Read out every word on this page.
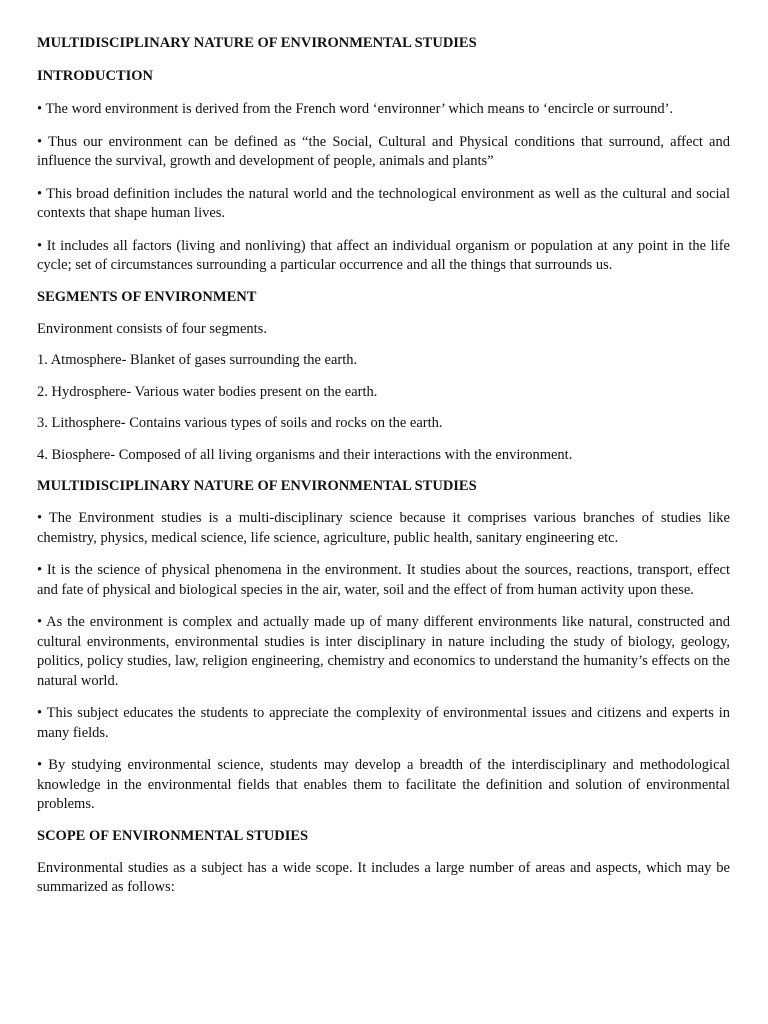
MULTIDISCIPLINARY NATURE OF ENVIRONMENTAL STUDIES
INTRODUCTION

• The word environment is derived from the French word ‘environner’ which means to ‘encircle or surround’.

• Thus our environment can be defined as “the Social, Cultural and Physical conditions that surround, affect and influence the survival, growth and development of people, animals and plants”

• This broad definition includes the natural world and the technological environment as well as the cultural and social contexts that shape human lives.

• It includes all factors (living and nonliving) that affect an individual organism or population at any point in the life cycle; set of circumstances surrounding a particular occurrence and all the things that surrounds us.

SEGMENTS OF ENVIRONMENT

Environment consists of four segments.

1. Atmosphere- Blanket of gases surrounding the earth.

2. Hydrosphere- Various water bodies present on the earth.

3. Lithosphere- Contains various types of soils and rocks on the earth.

4. Biosphere- Composed of all living organisms and their interactions with the environment.

MULTIDISCIPLINARY NATURE OF ENVIRONMENTAL STUDIES

• The Environment studies is a multi-disciplinary science because it comprises various branches of studies like chemistry, physics, medical science, life science, agriculture, public health, sanitary engineering etc.

• It is the science of physical phenomena in the environment. It studies about the sources, reactions, transport, effect and fate of physical and biological species in the air, water, soil and the effect of from human activity upon these.

• As the environment is complex and actually made up of many different environments like natural, constructed and cultural environments, environmental studies is inter disciplinary in nature including the study of biology, geology, politics, policy studies, law, religion engineering, chemistry and economics to understand the humanity’s effects on the natural world.

• This subject educates the students to appreciate the complexity of environmental issues and citizens and experts in many fields.

• By studying environmental science, students may develop a breadth of the interdisciplinary and methodological knowledge in the environmental fields that enables them to facilitate the definition and solution of environmental problems.

SCOPE OF ENVIRONMENTAL STUDIES

Environmental studies as a subject has a wide scope. It includes a large number of areas and aspects, which may be summarized as follows:
